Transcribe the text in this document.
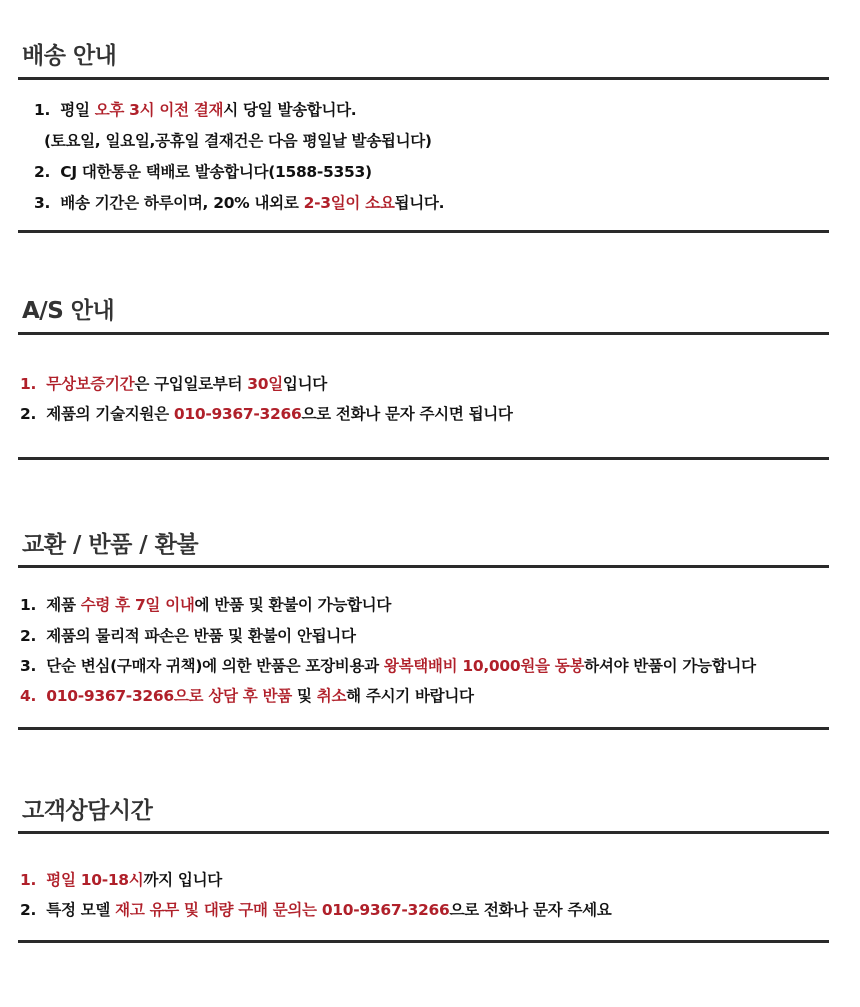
배송 안내
1. 평일 오후 3시 이전 결재시 당일 발송합니다.
(토요일, 일요일,공휴일 결재건은 다음 평일날 발송됩니다)
2. CJ 대한통운 택배로 발송합니다(1588-5353)
3. 배송 기간은 하루이며, 20% 내외로 2-3일이 소요됩니다.
A/S 안내
1. 무상보증기간은 구입일로부터 30일입니다
2. 제품의 기술지원은 010-9367-3266으로 전화나 문자 주시면 됩니다
교환 / 반품 / 환불
1. 제품 수령 후 7일 이내에 반품 및 환불이 가능합니다
2. 제품의 물리적 파손은 반품 및 환불이 안됩니다
3. 단순 변심(구매자 귀책)에 의한 반품은 포장비용과 왕복택배비 10,000원을 동봉하셔야 반품이 가능합니다
4. 010-9367-3266으로 상담 후 반품 및 취소해 주시기 바랍니다
고객상담시간
1. 평일 10-18시까지 입니다
2. 특정 모델 재고 유무 및 대량 구매 문의는 010-9367-3266으로 전화나 문자 주세요
